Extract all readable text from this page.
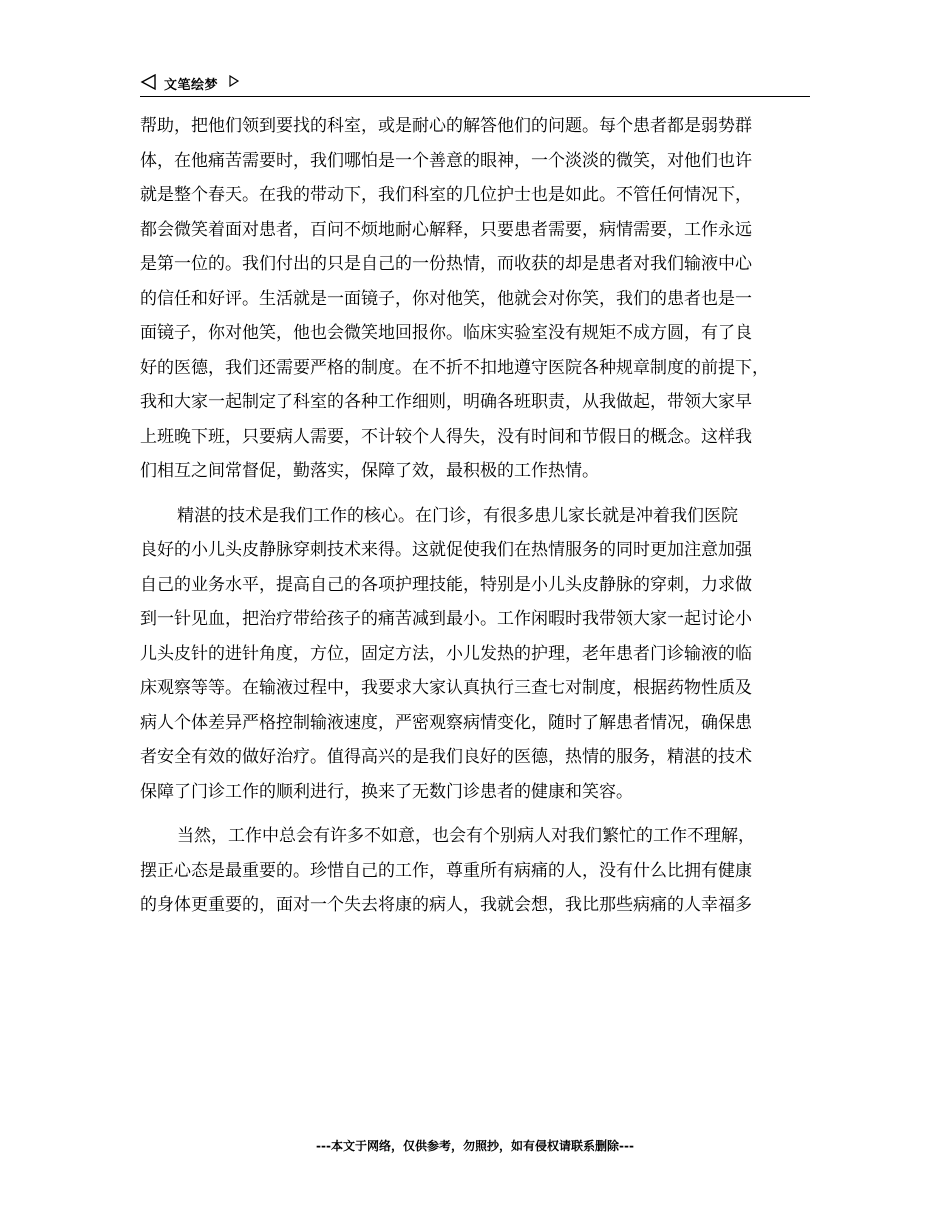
文笔绘梦
帮助，把他们领到要找的科室，或是耐心的解答他们的问题。每个患者都是弱势群
体，在他痛苦需要时，我们哪怕是一个善意的眼神，一个淡淡的微笑，对他们也许
就是整个春天。在我的带动下，我们科室的几位护士也是如此。不管任何情况下，
都会微笑着面对患者，百问不烦地耐心解释，只要患者需要，病情需要，工作永远
是第一位的。我们付出的只是自己的一份热情，而收获的却是患者对我们输液中心
的信任和好评。生活就是一面镜子，你对他笑，他就会对你笑，我们的患者也是一
面镜子，你对他笑，他也会微笑地回报你。临床实验室没有规矩不成方圆，有了良
好的医德，我们还需要严格的制度。在不折不扣地遵守医院各种规章制度的前提下，
我和大家一起制定了科室的各种工作细则，明确各班职责，从我做起，带领大家早
上班晚下班，只要病人需要，不计较个人得失，没有时间和节假日的概念。这样我
们相互之间常督促，勤落实，保障了效，最积极的工作热情。
精湛的技术是我们工作的核心。在门诊，有很多患儿家长就是冲着我们医院
良好的小儿头皮静脉穿刺技术来得。这就促使我们在热情服务的同时更加注意加强
自己的业务水平，提高自己的各项护理技能，特别是小儿头皮静脉的穿刺，力求做
到一针见血，把治疗带给孩子的痛苦减到最小。工作闲暇时我带领大家一起讨论小
儿头皮针的进针角度，方位，固定方法，小儿发热的护理，老年患者门诊输液的临
床观察等等。在输液过程中，我要求大家认真执行三查七对制度，根据药物性质及
病人个体差异严格控制输液速度，严密观察病情变化，随时了解患者情况，确保患
者安全有效的做好治疗。值得高兴的是我们良好的医德，热情的服务，精湛的技术
保障了门诊工作的顺利进行，换来了无数门诊患者的健康和笑容。
当然，工作中总会有许多不如意，也会有个别病人对我们繁忙的工作不理解，
摆正心态是最重要的。珍惜自己的工作，尊重所有病痛的人，没有什么比拥有健康
的身体更重要的，面对一个失去将康的病人，我就会想，我比那些病痛的人幸福多
---本文于网络，仅供参考，勿照抄，如有侵权请联系删除---
